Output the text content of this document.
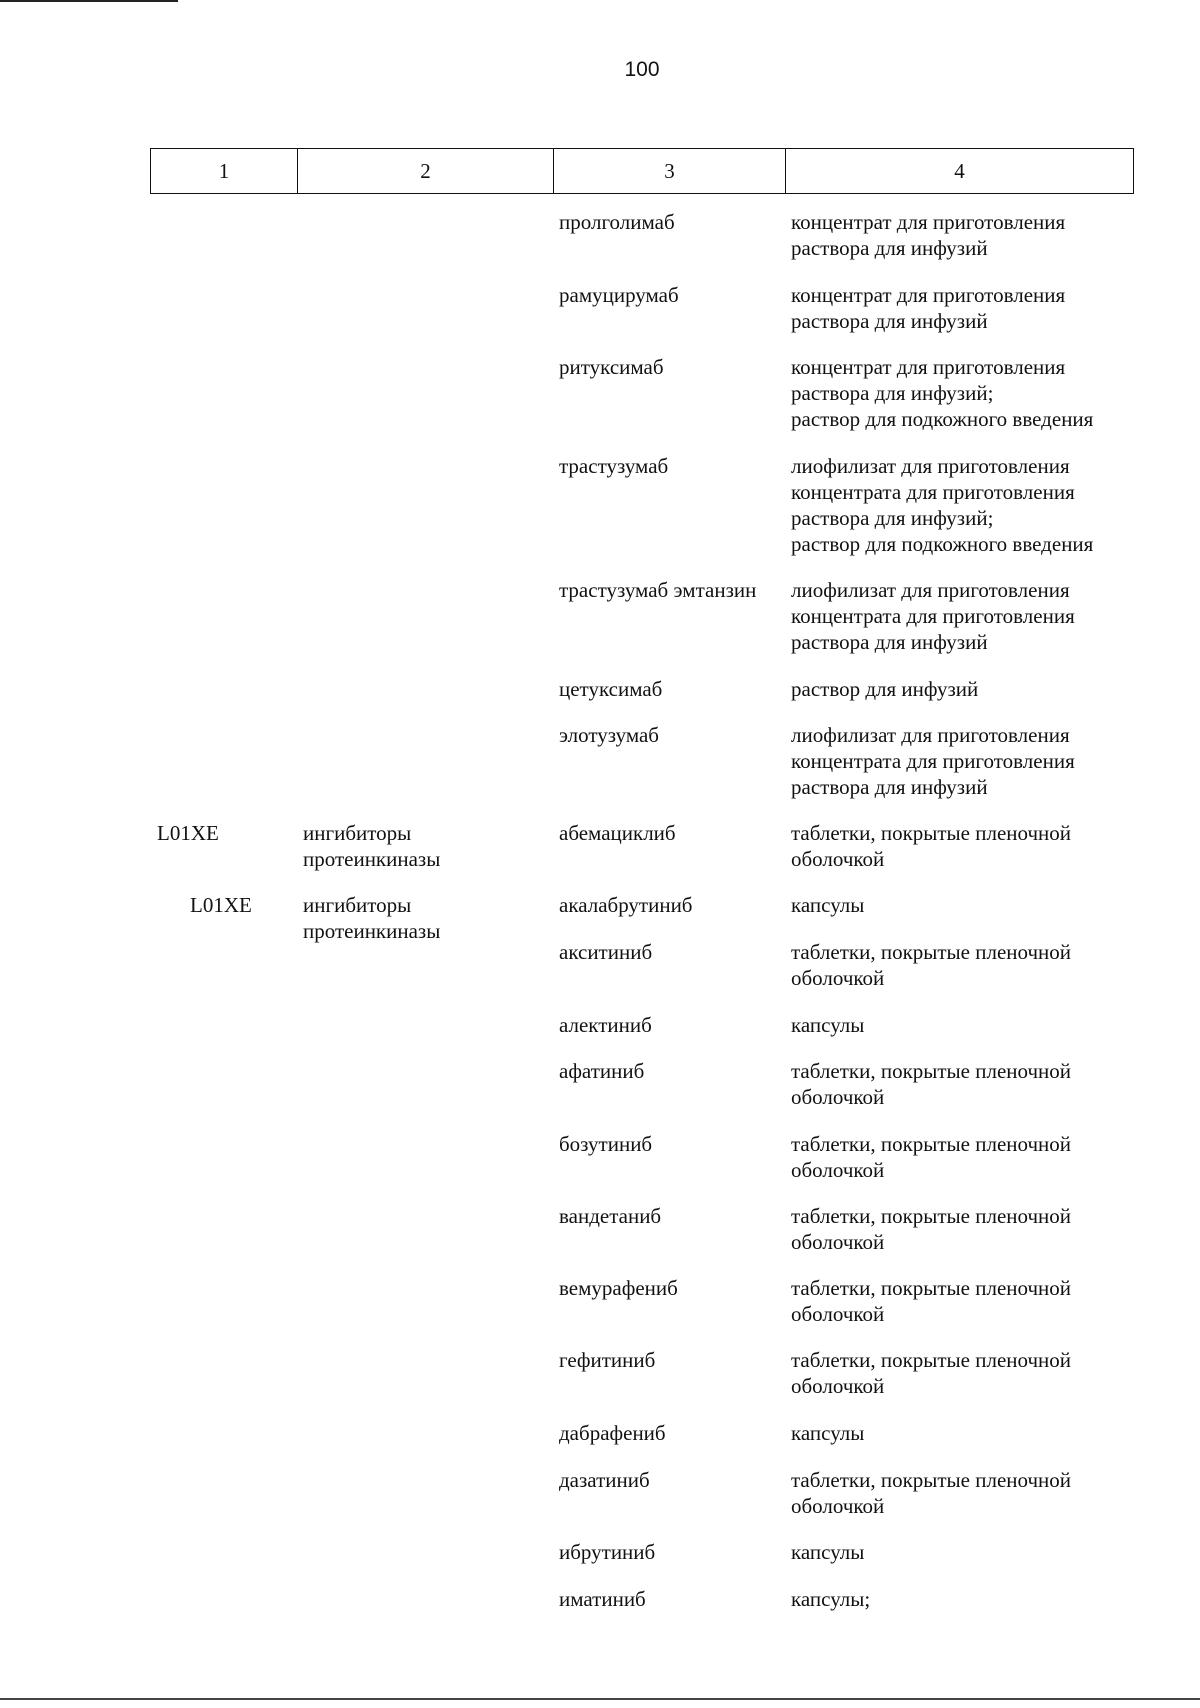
100
1	2	3	4
пролголимаб	концентрат для приготовления
раствора для инфузий
рамуцирумаб	концентрат для приготовления
раствора для инфузий
ритуксимаб	концентрат для приготовления
раствора для инфузий;
раствор для подкожного введения
трастузумаб	лиофилизат для приготовления
концентрата для приготовления
раствора для инфузий;
раствор для подкожного введения
трастузумаб эмтанзин лиофилизат для приготовления
концентрата для приготовления
раствора для инфузий
цетуксимаб	раствор для инфузий
элотузумаб	лиофилизат для приготовления
концентрата для приготовления
раствора для инфузий
L01XE	ингибиторы
протеинкиназы
абемациклиб	таблетки, покрытые пленочной
оболочкой
L01XE ингибиторы
протеинкиназы
акалабрутиниб	капсулы
акситиниб	таблетки, покрытые пленочной
оболочкой
алектиниб	капсулы
афатиниб	таблетки, покрытые пленочной
оболочкой
бозутиниб	таблетки, покрытые пленочной
оболочкой
вандетаниб	таблетки, покрытые пленочной
оболочкой
вемурафениб	таблетки, покрытые пленочной
оболочкой
гефитиниб	таблетки, покрытые пленочной
оболочкой
дабрафениб	капсулы
дазатиниб	таблетки, покрытые пленочной
оболочкой
ибрутиниб	капсулы
иматиниб	капсулы;
